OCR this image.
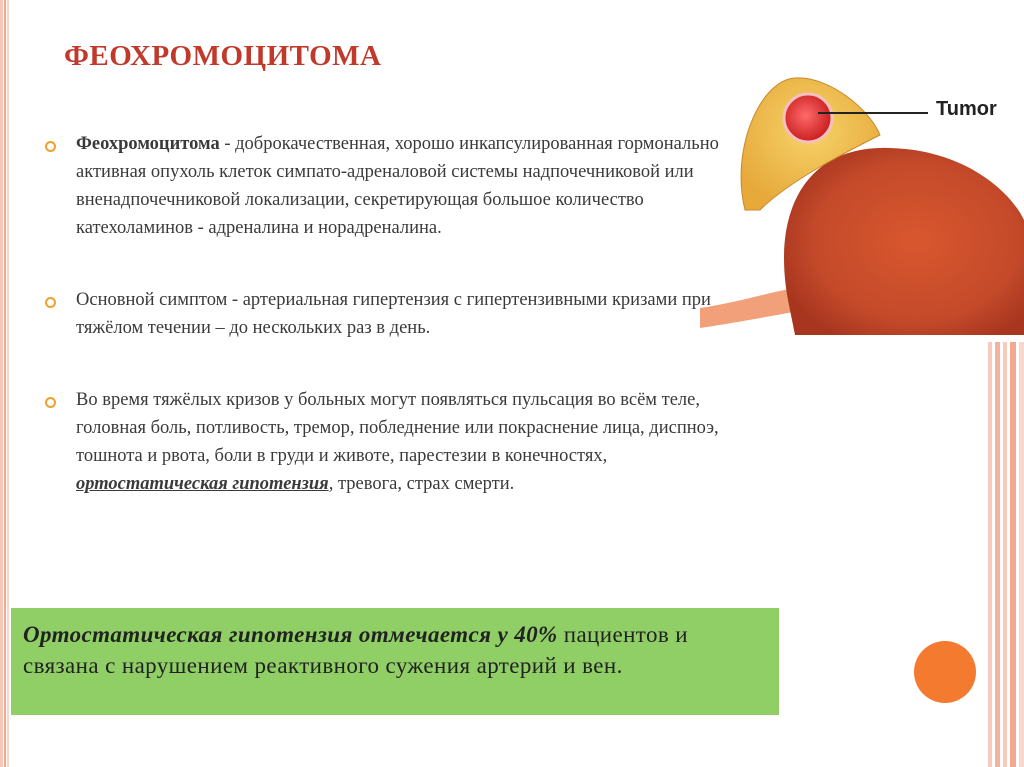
ФЕОХРОМОЦИТОМА
Феохромоцитома - доброкачественная, хорошо инкапсулированная гормонально активная опухоль клеток симпато-адреналовой системы надпочечниковой или вненадпочечниковой локализации, секретирующая большое количество катехоламинов - адреналина и норадреналина.
Основной симптом - артериальная гипертензия с гипертензивными кризами при тяжёлом течении – до нескольких раз в день.
Во время тяжёлых кризов у больных могут появляться пульсация во всём теле, головная боль, потливость, тремор, побледнение или покраснение лица, диспноэ, тошнота и рвота, боли в груди и животе, парестезии в конечностях, ортостатическая гипотензия, тревога, страх смерти.
Ортостатическая гипотензия отмечается у 40% пациентов и связана с нарушением реактивного сужения артерий и вен.
Tumor
